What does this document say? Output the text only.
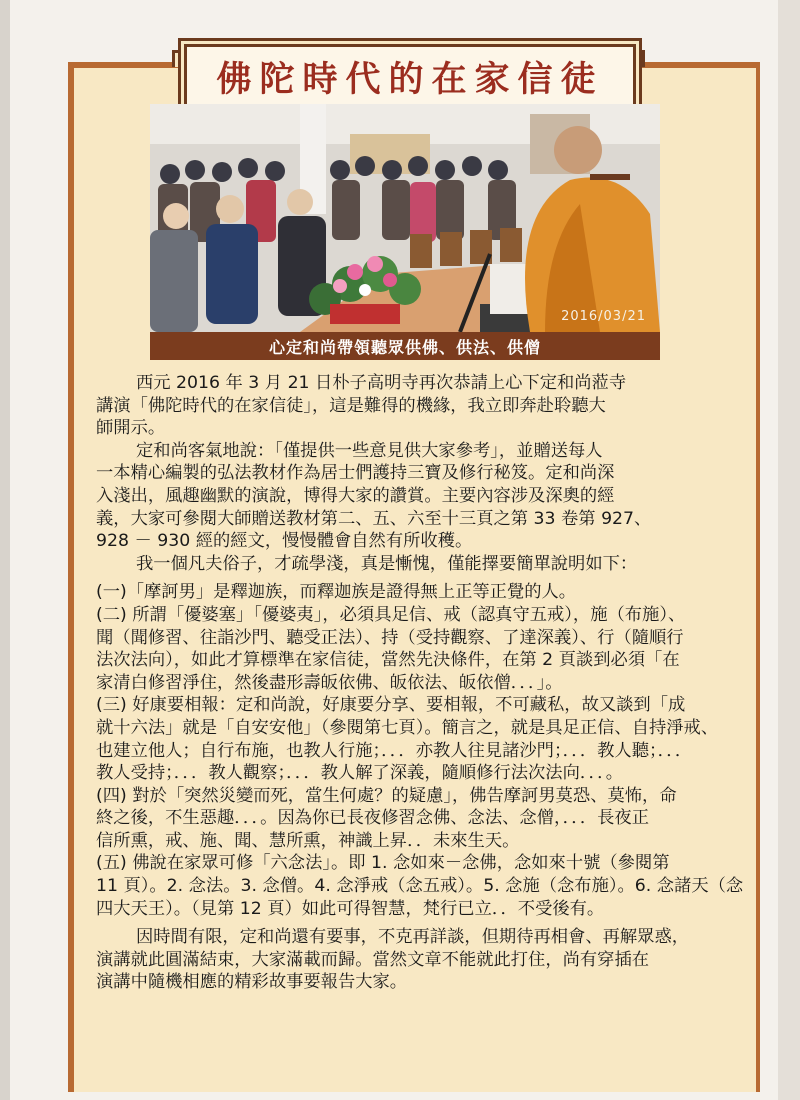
佛陀時代的在家信徒
2016/03/21
心定和尚帶領聽眾供佛、供法、供僧
西元 2016 年 3 月 21 日朴子高明寺再次恭請上心下定和尚蒞寺
講演「佛陀時代的在家信徒」，這是難得的機緣，我立即奔赴聆聽大
師開示。
定和尚客氣地說：「僅提供一些意見供大家參考」，並贈送每人
一本精心編製的弘法教材作為居士們護持三寶及修行秘笈。定和尚深
入淺出，風趣幽默的演說，博得大家的讚賞。主要內容涉及深奧的經
義，大家可參閱大師贈送教材第二、五、六至十三頁之第 33 卷第 927、
928 － 930 經的經文，慢慢體會自然有所收穫。
我一個凡夫俗子，才疏學淺，真是慚愧，僅能擇要簡單說明如下：
(一)「摩訶男」是釋迦族，而釋迦族是證得無上正等正覺的人。
(二) 所謂「優婆塞」「優婆夷」，必須具足信、戒（認真守五戒），施（布施）、
聞（聞修習、往詣沙門、聽受正法）、持（受持觀察、了達深義）、行（隨順行
法次法向），如此才算標準在家信徒，當然先決條件，在第 2 頁談到必須「在
家清白修習淨住，然後盡形壽皈依佛、皈依法、皈依僧．．．」。
(三) 好康要相報：定和尚說，好康要分享、要相報，不可藏私，故又談到「成
就十六法」就是「自安安他」（參閱第七頁）。簡言之，就是具足正信、自持淨戒、
也建立他人；自行布施，也教人行施；．．．亦教人往見諸沙門；．．．教人聽；．．．
教人受持；．．．教人觀察；．．．教人解了深義，隨順修行法次法向．．．。
(四) 對於「突然災變而死，當生何處？的疑慮」，佛告摩訶男莫恐、莫怖，命
終之後，不生惡趣．．．。因為你已長夜修習念佛、念法、念僧，．．．長夜正
信所熏，戒、施、聞、慧所熏，神識上昇．．未來生天。
(五) 佛說在家眾可修「六念法」。即 1. 念如來－念佛，念如來十號（參閱第
11 頁）。2. 念法。3. 念僧。4. 念淨戒（念五戒）。5. 念施（念布施）。6. 念諸天（念
四大天王）。（見第 12 頁）如此可得智慧，梵行已立．．不受後有。
因時間有限，定和尚還有要事，不克再詳談，但期待再相會、再解眾惑，
演講就此圓滿結束，大家滿載而歸。當然文章不能就此打住，尚有穿插在
演講中隨機相應的精彩故事要報告大家。
